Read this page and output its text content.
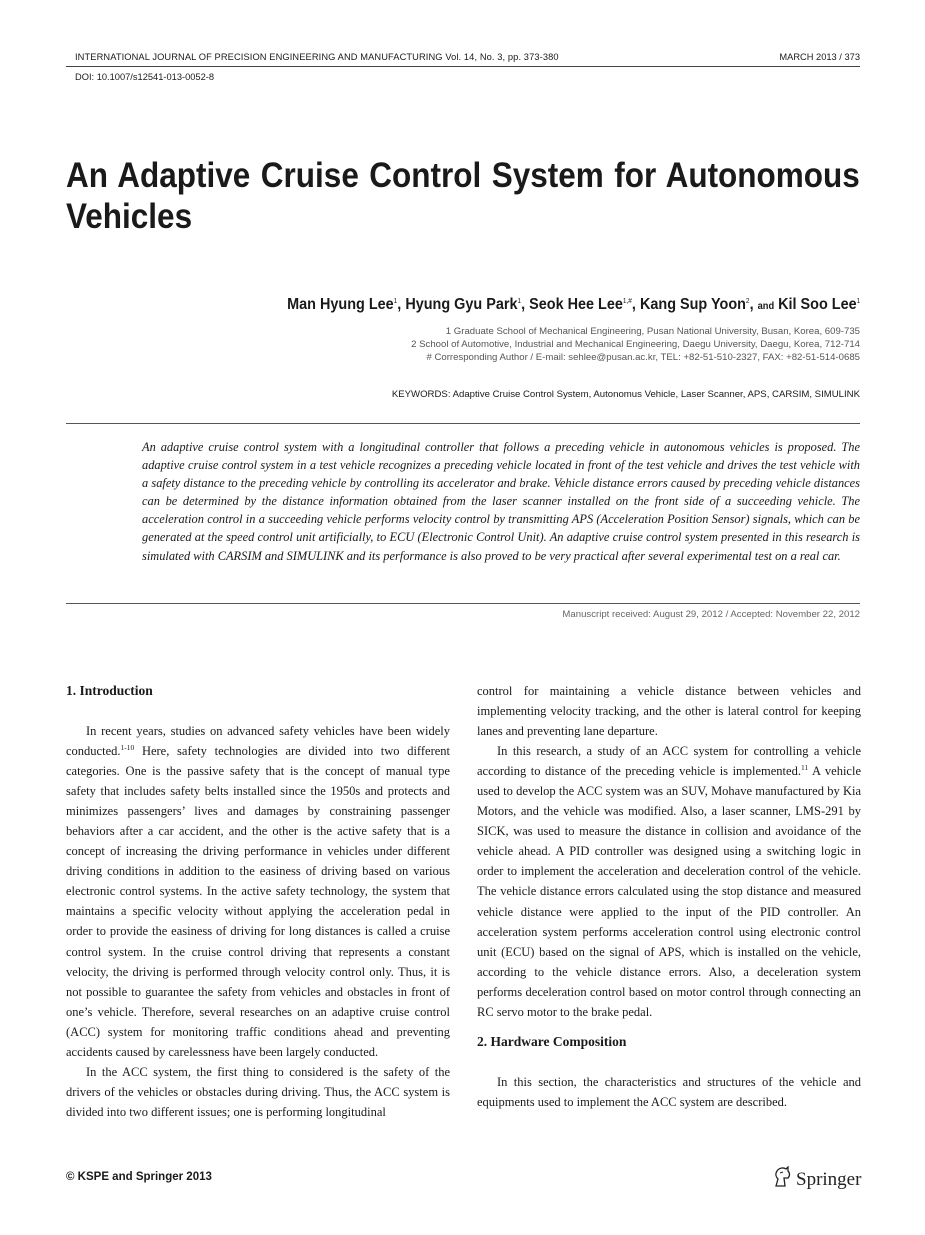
INTERNATIONAL JOURNAL OF PRECISION ENGINEERING AND MANUFACTURING Vol. 14, No. 3, pp. 373-380	MARCH 2013 / 373
DOI: 10.1007/s12541-013-0052-8
An Adaptive Cruise Control System for Autonomous
Vehicles
Man Hyung Lee$^1$, Hyung Gyu Park$^1$, Seok Hee Lee$^{1,\#}$, Kang Sup Yoon$^2$, and Kil Soo Lee$^1$
1 Graduate School of Mechanical Engineering, Pusan National University, Busan, Korea, 609-735
2 School of Automotive, Industrial and Mechanical Engineering, Daegu University, Daegu, Korea, 712-714
# Corresponding Author / E-mail: sehlee@pusan.ac.kr, TEL: +82-51-510-2327, FAX: +82-51-514-0685
KEYWORDS: Adaptive Cruise Control System, Autonomus Vehicle, Laser Scanner, APS, CARSIM, SIMULINK
An adaptive cruise control system with a longitudinal controller that follows a preceding vehicle in autonomous vehicles is proposed. The adaptive cruise control system in a test vehicle recognizes a preceding vehicle located in front of the test vehicle and drives the test vehicle with a safety distance to the preceding vehicle by controlling its accelerator and brake. Vehicle distance errors caused by preceding vehicle distances can be determined by the distance information obtained from the laser scanner installed on the front side of a succeeding vehicle. The acceleration control in a succeeding vehicle performs velocity control by transmitting APS (Acceleration Position Sensor) signals, which can be generated at the speed control unit artificially, to ECU (Electronic Control Unit). An adaptive cruise control system presented in this research is simulated with CARSIM and SIMULINK and its performance is also proved to be very practical after several experimental test on a real car.
Manuscript received: August 29, 2012 / Accepted: November 22, 2012
1. Introduction

In recent years, studies on advanced safety vehicles have been widely conducted.$^{1-10}$ Here, safety technologies are divided into two different categories. One is the passive safety that is the concept of manual type safety that includes safety belts installed since the 1950s and protects and minimizes passengers’ lives and damages by constraining passenger behaviors after a car accident, and the other is the active safety that is a concept of increasing the driving performance in vehicles under different driving conditions in addition to the easiness of driving based on various electronic control systems. In the active safety technology, the system that maintains a specific velocity without applying the acceleration pedal in order to provide the easiness of driving for long distances is called a cruise control system. In the cruise control driving that represents a constant velocity, the driving is performed through velocity control only. Thus, it is not possible to guarantee the safety from vehicles and obstacles in front of one’s vehicle. Therefore, several researches on an adaptive cruise control (ACC) system for monitoring traffic conditions ahead and preventing accidents caused by carelessness have been largely conducted.

In the ACC system, the first thing to considered is the safety of the drivers of the vehicles or obstacles during driving. Thus, the ACC system is divided into two different issues; one is performing longitudinal

control for maintaining a vehicle distance between vehicles and implementing velocity tracking, and the other is lateral control for keeping lanes and preventing lane departure.

In this research, a study of an ACC system for controlling a vehicle according to distance of the preceding vehicle is implemented.$^{11}$ A vehicle used to develop the ACC system was an SUV, Mohave manufactured by Kia Motors, and the vehicle was modified. Also, a laser scanner, LMS-291 by SICK, was used to measure the distance in collision and avoidance of the vehicle ahead. A PID controller was designed using a switching logic in order to implement the acceleration and deceleration control of the vehicle. The vehicle distance errors calculated using the stop distance and measured vehicle distance were applied to the input of the PID controller. An acceleration system performs acceleration control using electronic control unit (ECU) based on the signal of APS, which is installed on the vehicle, according to the vehicle distance errors. Also, a deceleration system performs deceleration control based on motor control through connecting an RC servo motor to the brake pedal.

2. Hardware Composition

In this section, the characteristics and structures of the vehicle and equipments used to implement the ACC system are described.

© KSPE and Springer 2013	Springer
